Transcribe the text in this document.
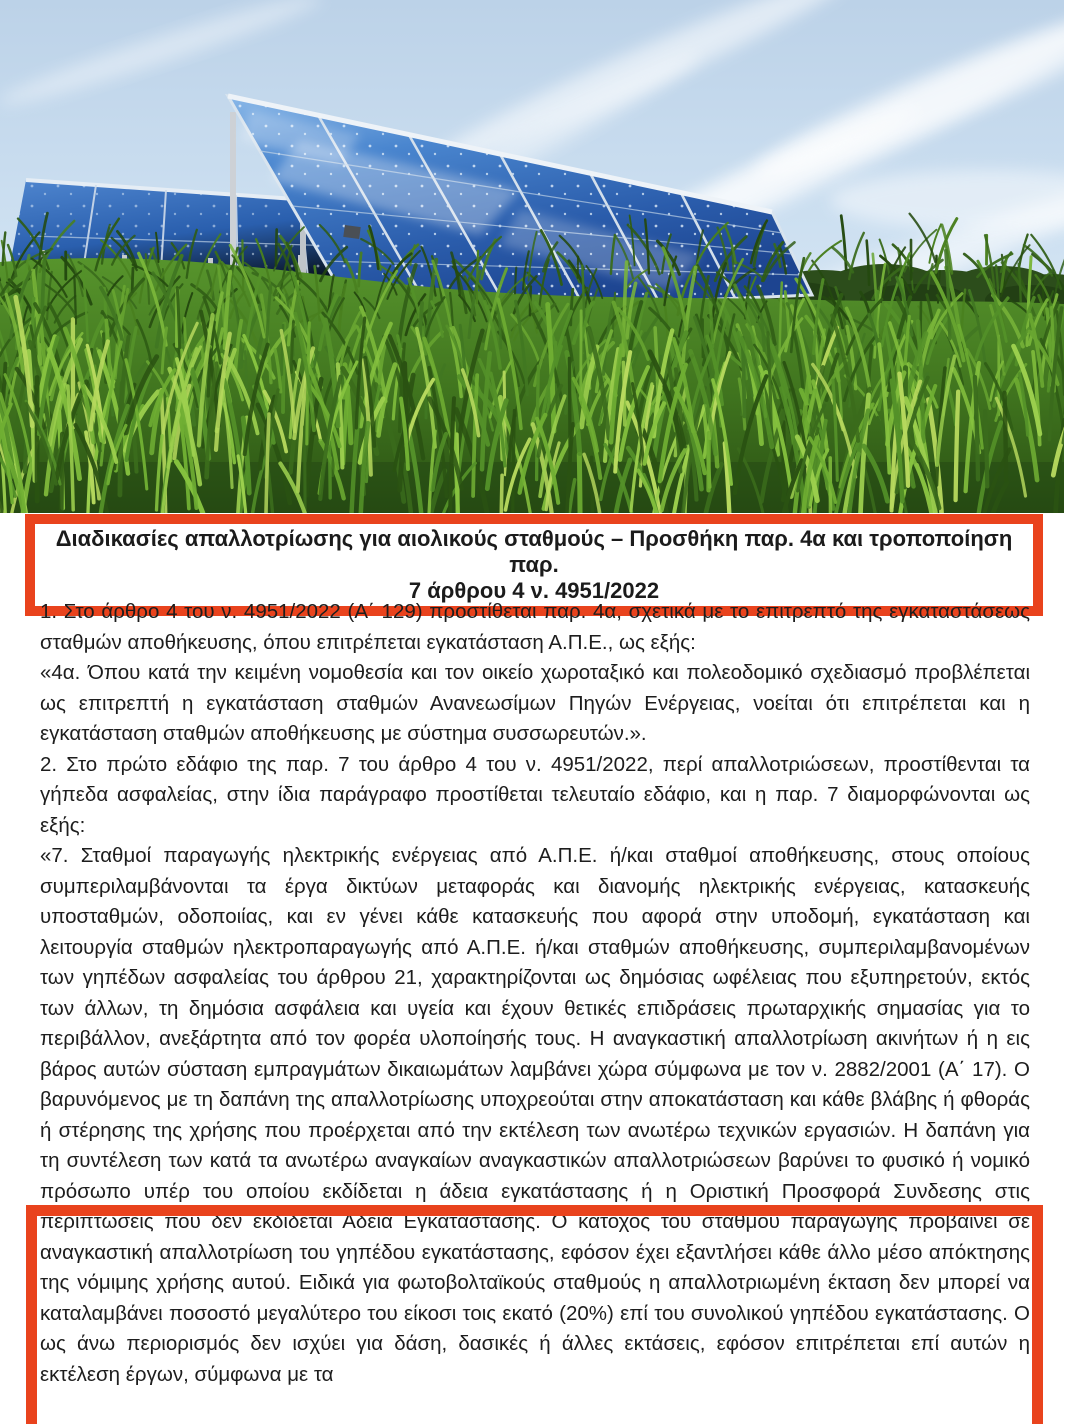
Διαδικασίες απαλλοτρίωσης για αιολικούς σταθμούς – Προσθήκη παρ. 4α και τροποποίηση παρ.
7 άρθρου 4 ν. 4951/2022

1. Στο άρθρο 4 του ν. 4951/2022 (Α΄ 129) προστίθεται παρ. 4α, σχετικά με το επιτρεπτό της εγκαταστάσεως σταθμών αποθήκευσης, όπου επιτρέπεται εγκατάσταση Α.Π.Ε., ως εξής:

«4α. Όπου κατά την κειμένη νομοθεσία και τον οικείο χωροταξικό και πολεοδομικό σχεδιασμό προβλέπεται ως επιτρεπτή η εγκατάσταση σταθμών Ανανεωσίμων Πηγών Ενέργειας, νοείται ότι επιτρέπεται και η εγκατάσταση σταθμών αποθήκευσης με σύστημα συσσωρευτών.».

2. Στο πρώτο εδάφιο της παρ. 7 του άρθρο 4 του ν. 4951/2022, περί απαλλοτριώσεων, προστίθενται τα γήπεδα ασφαλείας, στην ίδια παράγραφο προστίθεται τελευταίο εδάφιο, και η παρ. 7 διαμορφώνονται ως εξής:

«7. Σταθμοί παραγωγής ηλεκτρικής ενέργειας από Α.Π.Ε. ή/και σταθμοί αποθήκευσης, στους οποίους συμπεριλαμβάνονται τα έργα δικτύων μεταφοράς και διανομής ηλεκτρικής ενέργειας, κατασκευής υποσταθμών, οδοποιίας, και εν γένει κάθε κατασκευής που αφορά στην υποδομή, εγκατάσταση και λειτουργία σταθμών ηλεκτροπαραγωγής από Α.Π.Ε. ή/και σταθμών αποθήκευσης, συμπεριλαμβανομένων των γηπέδων ασφαλείας του άρθρου 21, χαρακτηρίζονται ως δημόσιας ωφέλειας που εξυπηρετούν, εκτός των άλλων, τη δημόσια ασφάλεια και υγεία και έχουν θετικές επιδράσεις πρωταρχικής σημασίας για το περιβάλλον, ανεξάρτητα από τον φορέα υλοποίησής τους. Η αναγκαστική απαλλοτρίωση ακινήτων ή η εις βάρος αυτών σύσταση εμπραγμάτων δικαιωμάτων λαμβάνει χώρα σύμφωνα με τον ν. 2882/2001 (Α΄ 17). Ο βαρυνόμενος με τη δαπάνη της απαλλοτρίωσης υποχρεούται στην αποκατάσταση και κάθε βλάβης ή φθοράς ή στέρησης της χρήσης που προέρχεται από την εκτέλεση των ανωτέρω τεχνικών εργασιών. Η δαπάνη για τη συντέλεση των κατά τα ανωτέρω αναγκαίων αναγκαστικών απαλλοτριώσεων βαρύνει το φυσικό ή νομικό πρόσωπο υπέρ του οποίου εκδίδεται η άδεια εγκατάστασης ή η Οριστική Προσφορά Συνδεσης στις περιπτώσεις που δεν εκδίδεται Αδεια Εγκατάστασης. Ο κάτοχος του σταθμού παραγωγής προβαίνει σε αναγκαστική απαλλοτρίωση του γηπέδου εγκατάστασης, εφόσον έχει εξαντλήσει κάθε άλλο μέσο απόκτησης της νόμιμης χρήσης αυτού. Ειδικά για φωτοβολταϊκούς σταθμούς η απαλλοτριωμένη έκταση δεν μπορεί να καταλαμβάνει ποσοστό μεγαλύτερο του είκοσι τοις εκατό (20%) επί του συνολικού γηπέδου εγκατάστασης. Ο ως άνω περιορισμός δεν ισχύει για δάση, δασικές ή άλλες εκτάσεις, εφόσον επιτρέπεται επί αυτών η εκτέλεση έργων, σύμφωνα με τα
